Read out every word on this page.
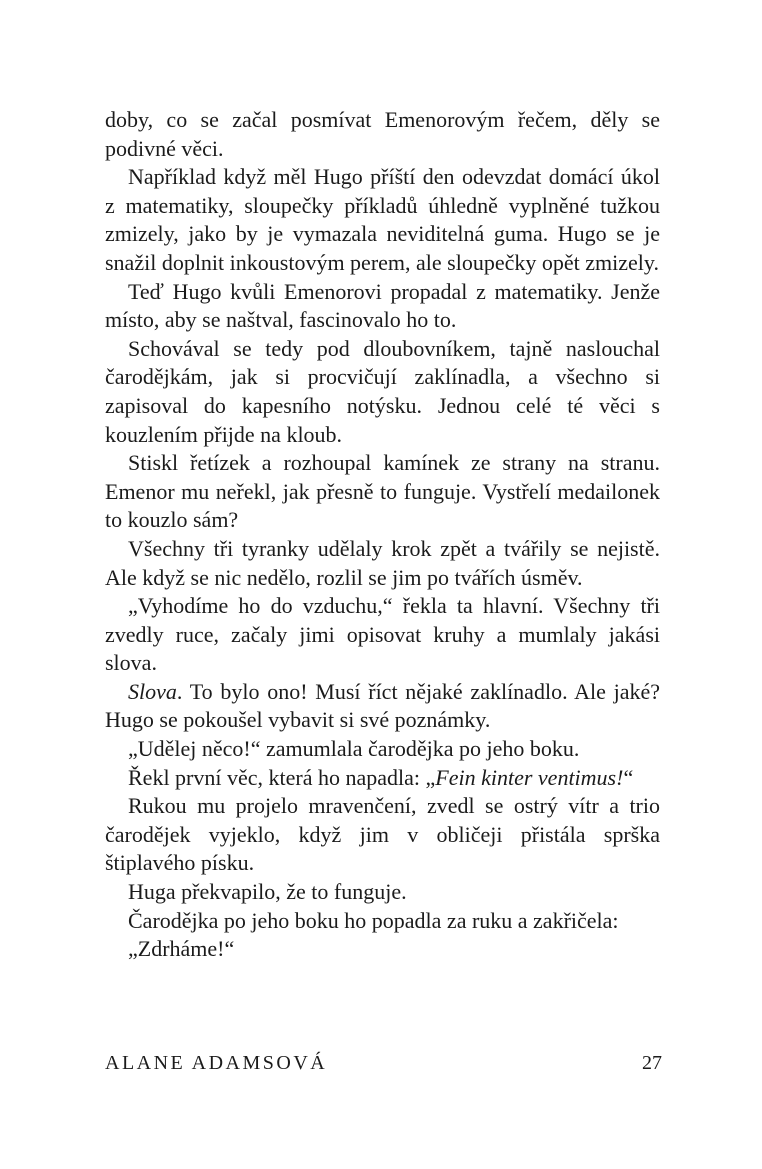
doby, co se začal posmívat Emenorovým řečem, děly se podivné věci.

Například když měl Hugo příští den odevzdat domácí úkol z matematiky, sloupečky příkladů úhledně vyplněné tužkou zmizely, jako by je vymazala neviditelná guma. Hugo se je snažil doplnit inkoustovým perem, ale sloupečky opět zmizely.

Teď Hugo kvůli Emenorovi propadal z matematiky. Jenže místo, aby se naštval, fascinovalo ho to.

Schovával se tedy pod dloubovníkem, tajně naslouchal čarodějkám, jak si procvičují zaklínadla, a všechno si zapisoval do kapesního notýsku. Jednou celé té věci s kouzlením přijde na kloub.

Stiskl řetízek a rozhoupal kamínek ze strany na stranu. Emenor mu neřekl, jak přesně to funguje. Vystřelí medailonek to kouzlo sám?

Všechny tři tyranky udělaly krok zpět a tvářily se nejistě. Ale když se nic nedělo, rozlil se jim po tvářích úsměv.

„Vyhodíme ho do vzduchu,“ řekla ta hlavní. Všechny tři zvedly ruce, začaly jimi opisovat kruhy a mumlaly jakási slova.

Slova. To bylo ono! Musí říct nějaké zaklínadlo. Ale jaké? Hugo se pokoušel vybavit si své poznámky.

„Udělej něco!“ zamumlala čarodějka po jeho boku.

Řekl první věc, která ho napadla: „Fein kinter ventimus!“

Rukou mu projelo mravenčení, zvedl se ostrý vítr a trio čarodějek vyjeklo, když jim v obličeji přistála sprška štiplavého písku.

Huga překvapilo, že to funguje.

Čarodějka po jeho boku ho popadla za ruku a zakřičela:

„Zdrháme!“

ALANE ADAMSOVÁ	27
